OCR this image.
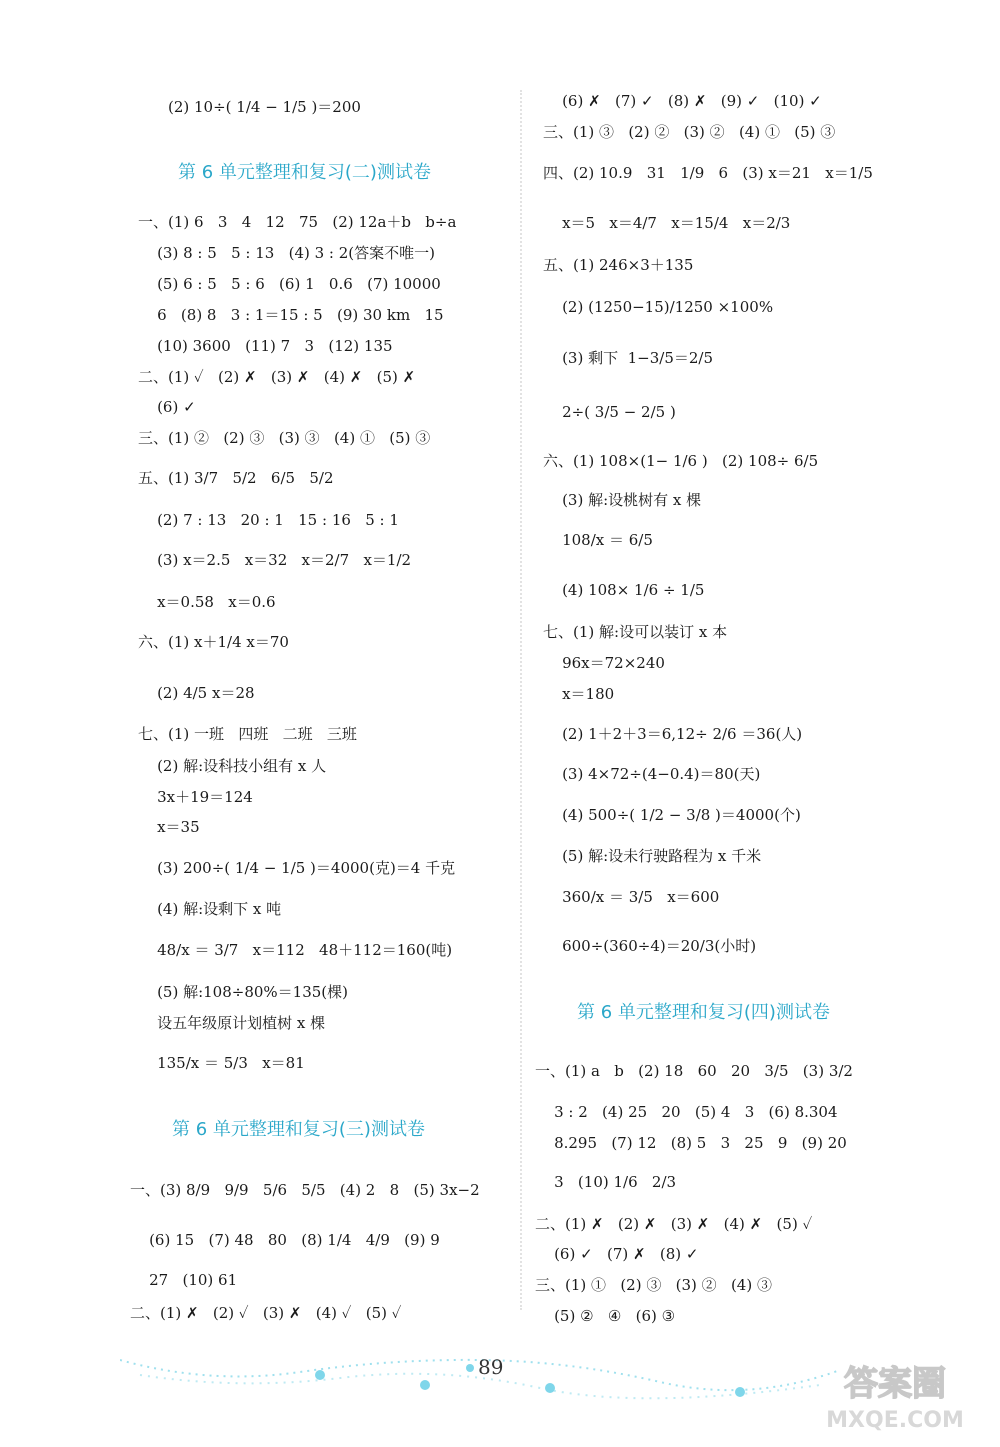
(2) 10÷( 1/4 − 1/5 )＝200
第 6 单元整理和复习(二)测试卷
一、(1) 6   3   4   12   75   (2) 12a＋b   b÷a
(3) 8 : 5   5 : 13   (4) 3 : 2(答案不唯一)
(5) 6 : 5   5 : 6   (6) 1   0.6   (7) 10000
6   (8) 8   3 : 1＝15 : 5   (9) 30 km   15
(10) 3600   (11) 7   3   (12) 135
二、(1) ✓   (2) ✗   (3) ✗   (4) ✗   (5) ✗
(6) ✓
三、(1) ②   (2) ③   (3) ③   (4) ①   (5) ③
五、(1) 3/7   5/2   6/5   5/2
(2) 7 : 13   20 : 1   15 : 16   5 : 1
(3) x＝2.5   x＝32   x＝2/7   x＝1/2
x＝0.58   x＝0.6
六、(1) x＋1/4 x＝70
(2) 4/5 x＝28
七、(1) 一班   四班   二班   三班
(2) 解:设科技小组有 x 人
3x＋19＝124
x＝35
(3) 200÷( 1/4 − 1/5 )＝4000(克)＝4 千克
(4) 解:设剩下 x 吨
48/x ＝ 3/7   x＝112   48＋112＝160(吨)
(5) 解:108÷80%＝135(棵)
设五年级原计划植树 x 棵
135/x ＝ 5/3   x＝81
第 6 单元整理和复习(三)测试卷
一、(3) 8/9   9/9   5/6   5/5   (4) 2   8   (5) 3x−2
(6) 15   (7) 48   80   (8) 1/4   4/9   (9) 9
27   (10) 61
二、(1) ✗   (2) ✓   (3) ✗   (4) ✓   (5) ✓
(6) ✗   (7) ✓   (8) ✗   (9) ✓   (10) ✓
三、(1) ③   (2) ②   (3) ②   (4) ①   (5) ③
四、(2) 10.9   31   1/9   6   (3) x＝21   x＝1/5
x＝5   x＝4/7   x＝15/4   x＝2/3
五、(1) 246×3＋135
(2) (1250−15)/1250 ×100%
(3) 剩下  1−3/5＝2/5
2÷( 3/5 − 2/5 )
六、(1) 108×(1− 1/6 )   (2) 108÷ 6/5
(3) 解:设桃树有 x 棵
108/x ＝ 6/5
(4) 108× 1/6 ÷ 1/5
七、(1) 解:设可以装订 x 本
96x＝72×240
x＝180
(2) 1＋2＋3＝6,12÷ 2/6 ＝36(人)
(3) 4×72÷(4−0.4)＝80(天)
(4) 500÷( 1/2 − 3/8 )＝4000(个)
(5) 解:设未行驶路程为 x 千米
360/x ＝ 3/5   x＝600
600÷(360÷4)＝20/3(小时)
第 6 单元整理和复习(四)测试卷
一、(1) a   b   (2) 18   60   20   3/5   (3) 3/2
3 : 2   (4) 25   20   (5) 4   3   (6) 8.304
8.295   (7) 12   (8) 5   3   25   9   (9) 20
3   (10) 1/6   2/3
二、(1) ✗   (2) ✗   (3) ✗   (4) ✗   (5) ✓
(6) ✓   (7) ✗   (8) ✓
三、(1) ①   (2) ③   (3) ②   (4) ③
(5) ②   ④   (6) ③
89	答案圈
MXQE.COM
